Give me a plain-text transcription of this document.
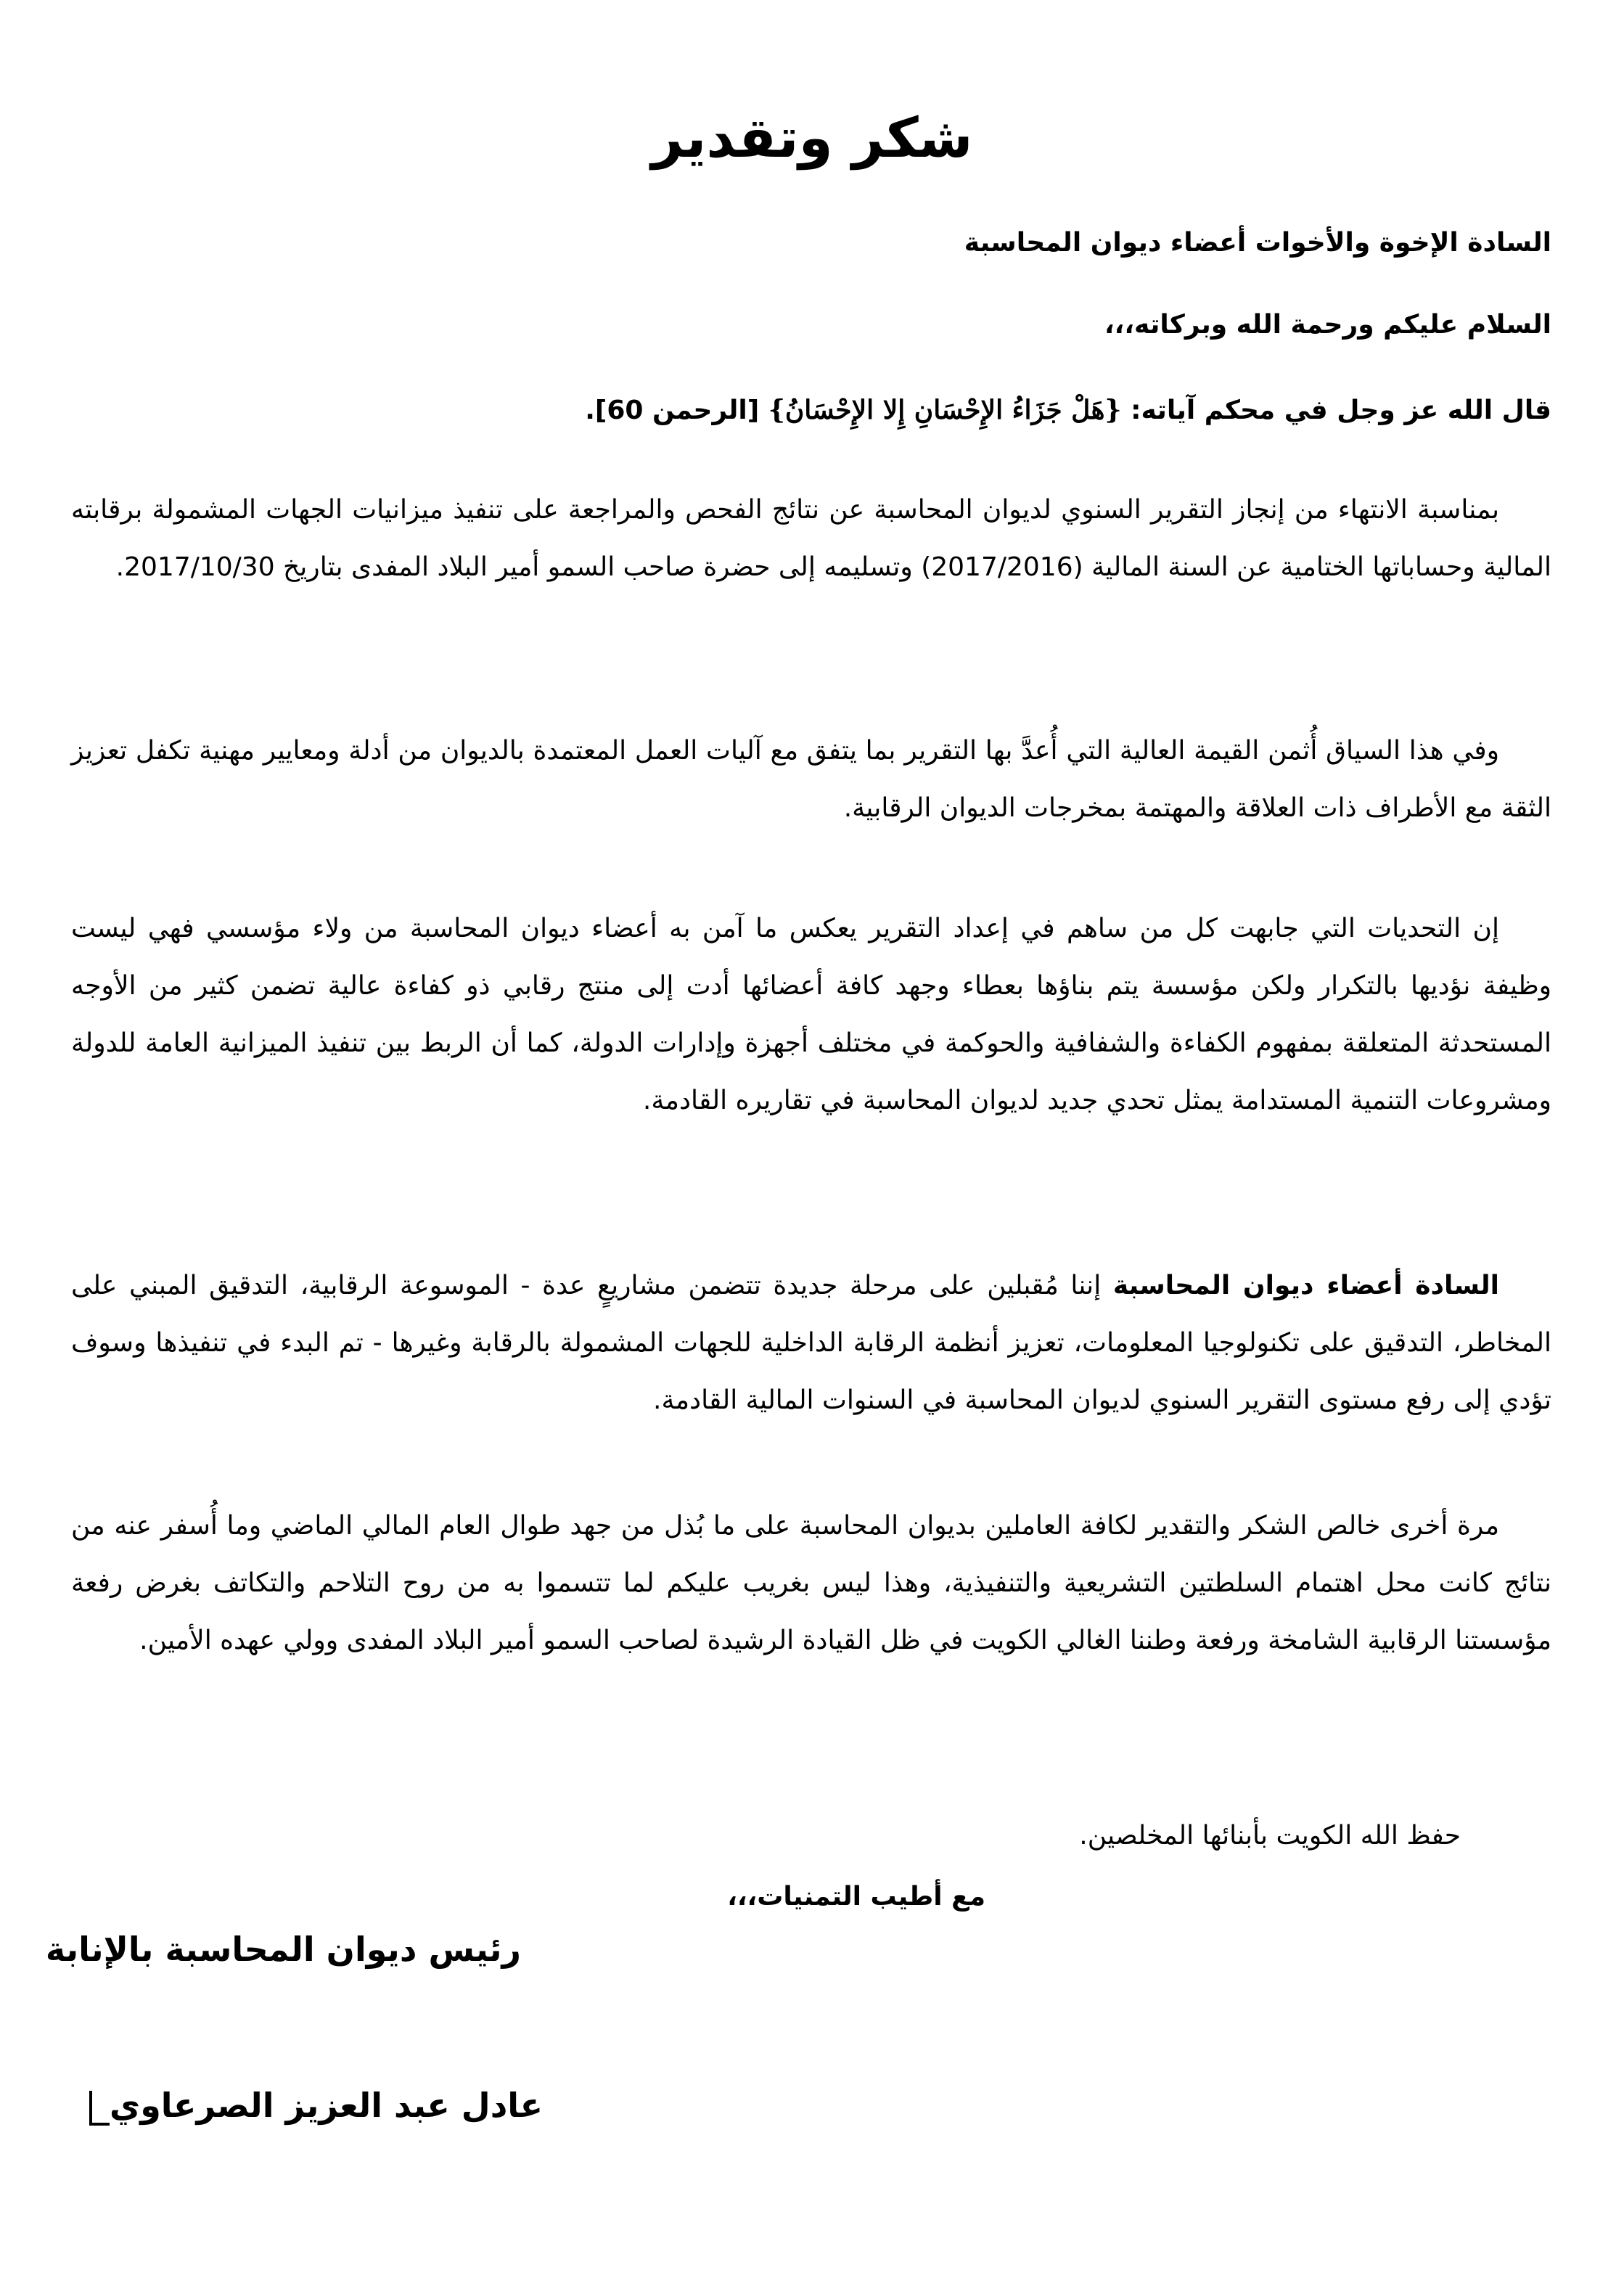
شكر وتقدير
السادة الإخوة والأخوات أعضاء ديوان المحاسبة
السلام عليكم ورحمة الله وبركاته،،،
قال الله عز وجل في محكم آياته: {هَلْ جَزَاءُ الإِحْسَانِ إِلا الإِحْسَانُ} [الرحمن 60].

بمناسبة الانتهاء من إنجاز التقرير السنوي لديوان المحاسبة عن نتائج الفحص والمراجعة على تنفيذ ميزانيات الجهات المشمولة برقابته المالية وحساباتها الختامية عن السنة المالية (2017/2016) وتسليمه إلى حضرة صاحب السمو أمير البلاد المفدى بتاريخ 2017/10/30.

وفي هذا السياق أُثمن القيمة العالية التي أُعدَّ بها التقرير بما يتفق مع آليات العمل المعتمدة بالديوان من أدلة ومعايير مهنية تكفل تعزيز الثقة مع الأطراف ذات العلاقة والمهتمة بمخرجات الديوان الرقابية.

إن التحديات التي جابهت كل من ساهم في إعداد التقرير يعكس ما آمن به أعضاء ديوان المحاسبة من ولاء مؤسسي فهي ليست وظيفة نؤديها بالتكرار ولكن مؤسسة يتم بناؤها بعطاء وجهد كافة أعضائها أدت إلى منتج رقابي ذو كفاءة عالية تضمن كثير من الأوجه المستحدثة المتعلقة بمفهوم الكفاءة والشفافية والحوكمة في مختلف أجهزة وإدارات الدولة، كما أن الربط بين تنفيذ الميزانية العامة للدولة ومشروعات التنمية المستدامة يمثل تحدي جديد لديوان المحاسبة في تقاريره القادمة.

السادة أعضاء ديوان المحاسبة إننا مُقبلين على مرحلة جديدة تتضمن مشاريعٍ عدة - الموسوعة الرقابية، التدقيق المبني على المخاطر، التدقيق على تكنولوجيا المعلومات، تعزيز أنظمة الرقابة الداخلية للجهات المشمولة بالرقابة وغيرها - تم البدء في تنفيذها وسوف تؤدي إلى رفع مستوى التقرير السنوي لديوان المحاسبة في السنوات المالية القادمة.

مرة أخرى خالص الشكر والتقدير لكافة العاملين بديوان المحاسبة على ما بُذل من جهد طوال العام المالي الماضي وما أُسفر عنه من نتائج كانت محل اهتمام السلطتين التشريعية والتنفيذية، وهذا ليس بغريب عليكم لما تتسموا به من روح التلاحم والتكاتف بغرض رفعة مؤسستنا الرقابية الشامخة ورفعة وطننا الغالي الكويت في ظل القيادة الرشيدة لصاحب السمو أمير البلاد المفدى وولي عهده الأمين.

حفظ الله الكويت بأبنائها المخلصين.
مع أطيب التمنيات،،،
رئيس ديوان المحاسبة بالإنابة
عادل عبد العزيز الصرعاوي
